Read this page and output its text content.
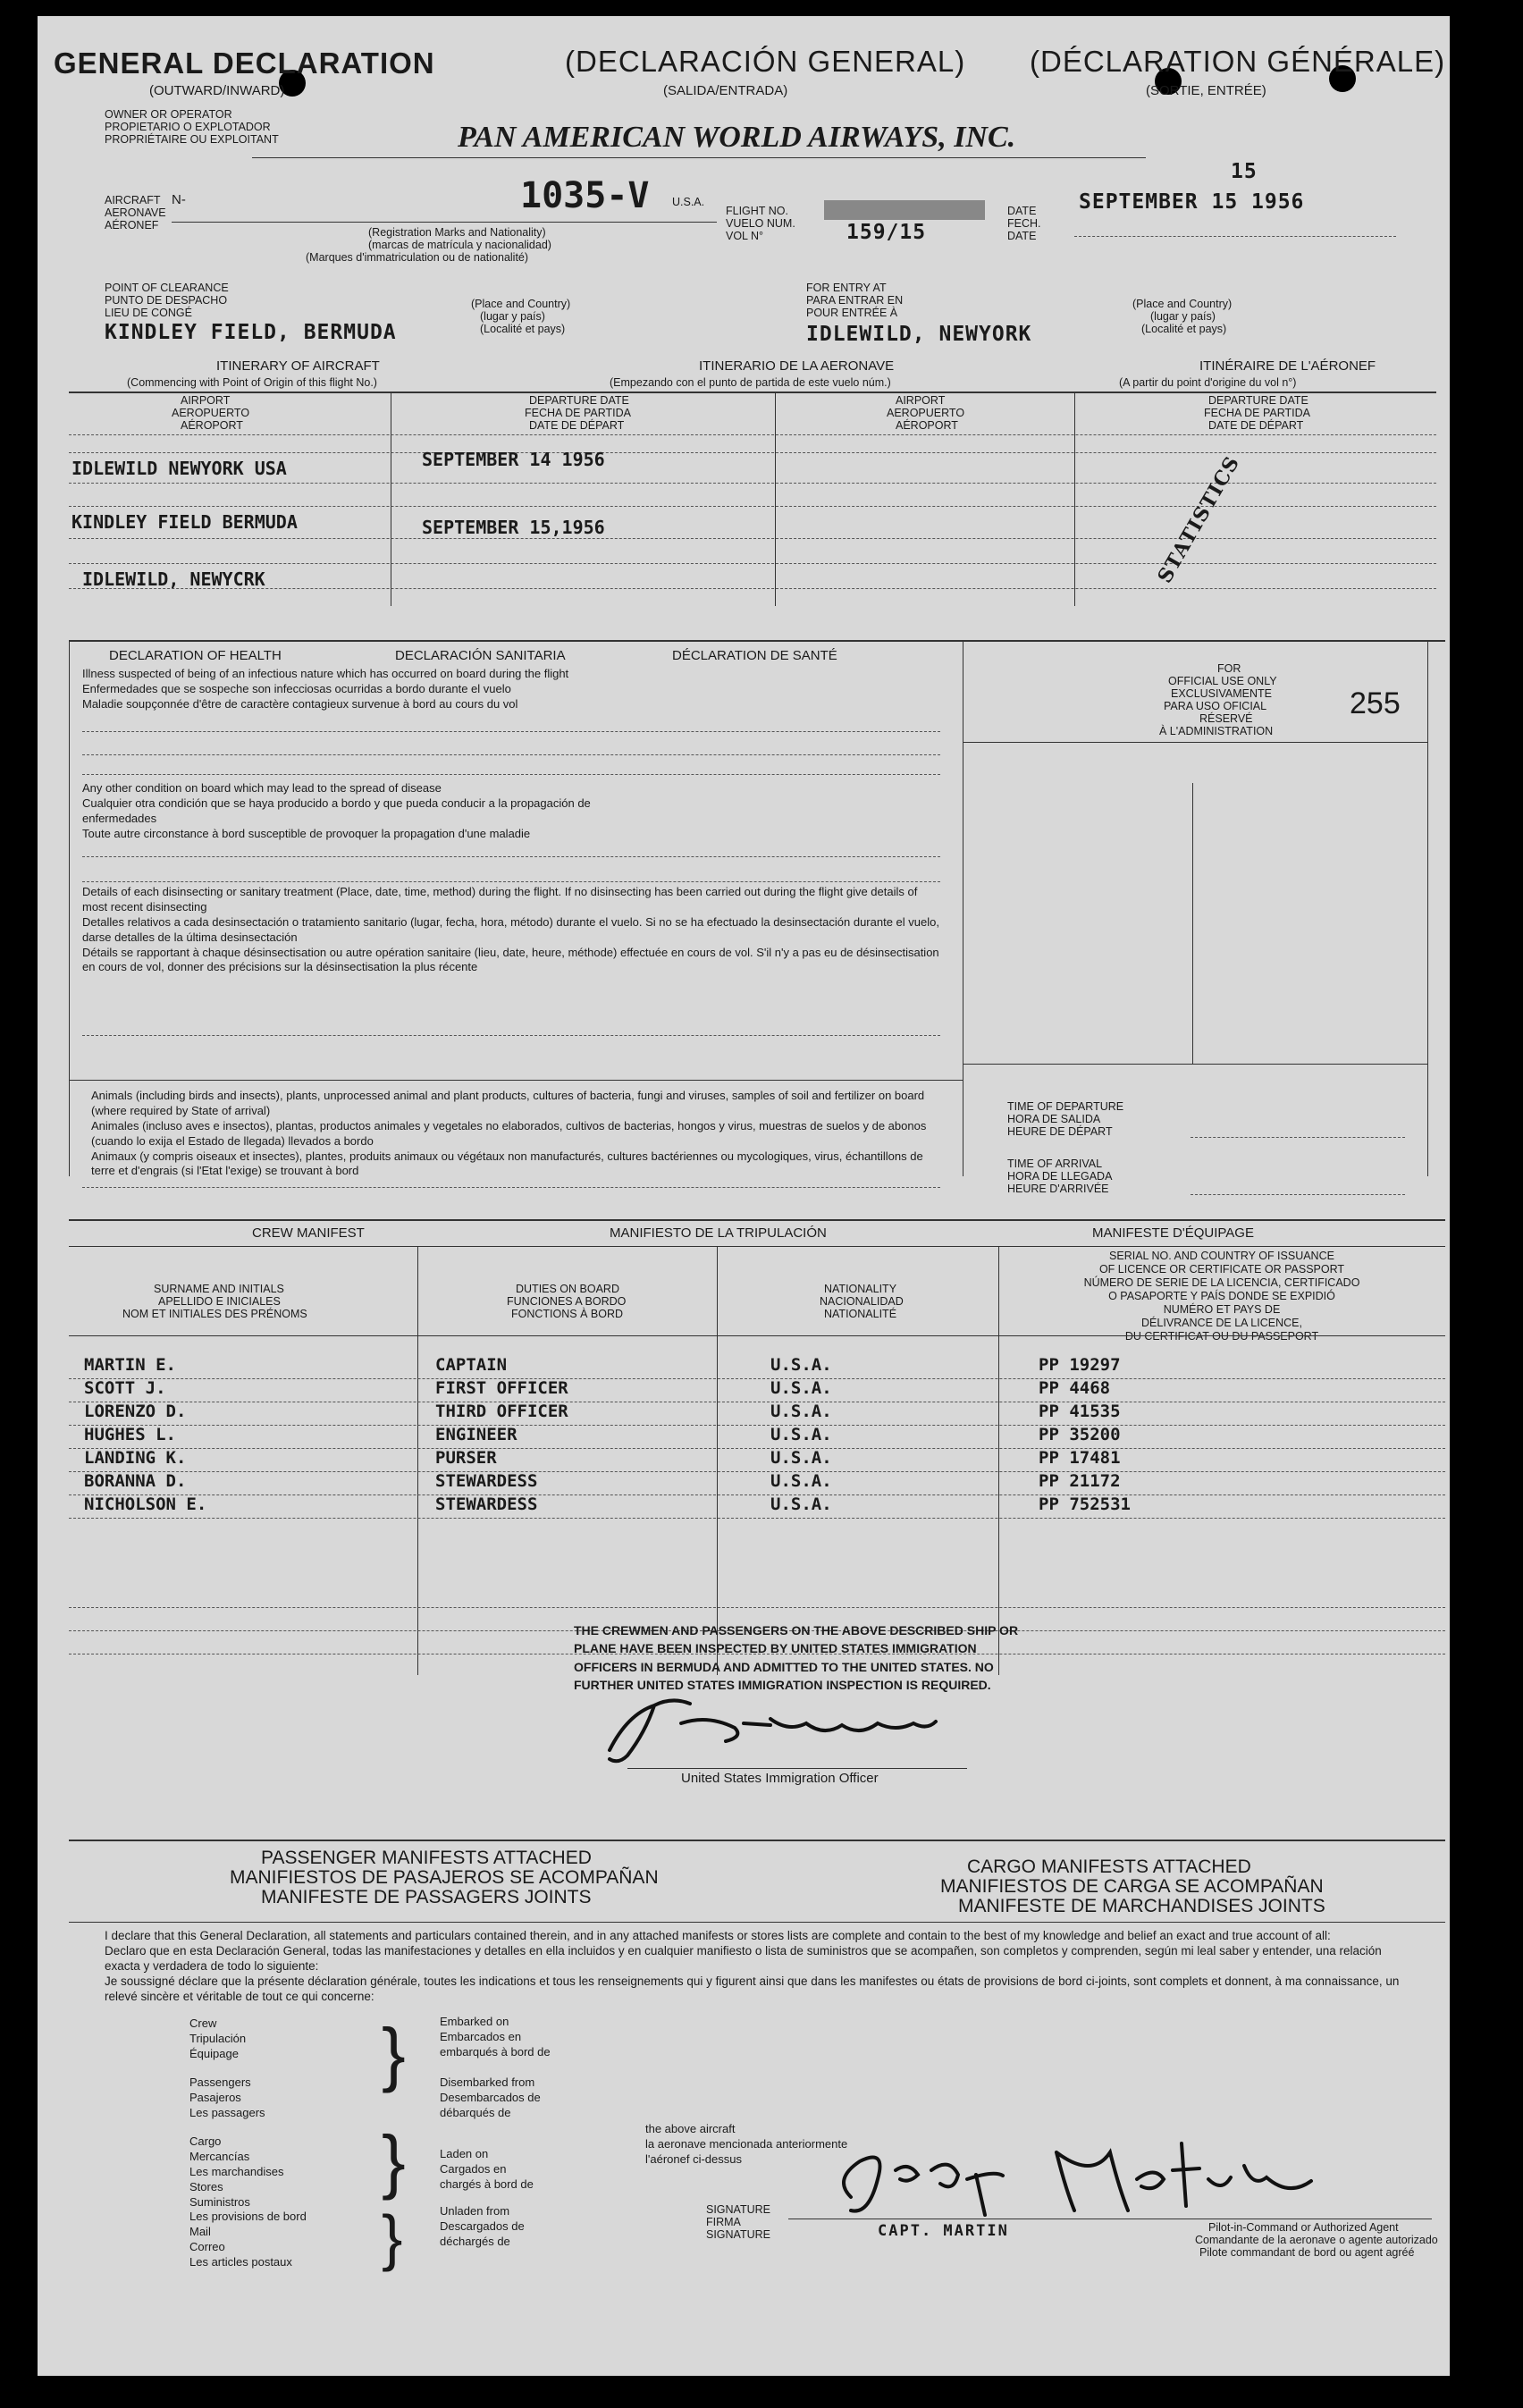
GENERAL DECLARATION	(DECLARACIÓN GENERAL) (DÉCLARATION GÉNÉRALE)
(OUTWARD/INWARD)	(SALIDA/ENTRADA)	(SORTIE, ENTRÉE)
OWNER OR OPERATOR
PROPIETARIO O EXPLOTADOR
PROPRIÉTAIRE OU EXPLOITANT	PAN AMERICAN WORLD AIRWAYS, INC.
AIRCRAFT
AERONAVE
AÉRONEF
N-	1035-V U.S.A.
(Registration Marks and Nationality)
(marcas de matrícula y nacionalidad)
(Marques d'immatriculation ou de nationalité)
FLIGHT NO.
VUELO NUM.
VOL N°	159/15
DATE
FECH.
DATE
SEPTEMBER 15 1956
15
POINT OF CLEARANCE
PUNTO DE DESPACHO
LIEU DE CONGÉ
KINDLEY FIELD, BERMUDA
(Place and Country)
(lugar y país)
(Localité et pays)
FOR ENTRY AT
PARA ENTRAR EN
POUR ENTRÉE À
IDLEWILD, NEWYORK
(Place and Country)
(lugar y país)
(Localité et pays)
ITINERARY OF AIRCRAFT	ITINERARIO DE LA AERONAVE	ITINÉRAIRE DE L'AÉRONEF
(Commencing with Point of Origin of this flight No.)	(Empezando con el punto de partida de este vuelo núm.)	(A partir du point d'origine du vol n°)
AIRPORT
AEROPUERTO
AÉROPORT
DEPARTURE DATE
FECHA DE PARTIDA
DATE DE DÉPART
AIRPORT
AEROPUERTO
AÉROPORT
DEPARTURE DATE
FECHA DE PARTIDA
DATE DE DÉPART
IDLEWILD NEWYORK USA	SEPTEMBER 14 1956
KINDLEY FIELD BERMUDA	SEPTEMBER 15,1956
IDLEWILD, NEWYCRK	STATISTICS
DECLARATION OF HEALTH	DECLARACIÓN SANITARIA	DÉCLARATION DE SANTÉ
Illness suspected of being of an infectious nature which has occurred on board during the flight
Enfermedades que se sospeche son infecciosas ocurridas a bordo durante el vuelo
Maladie soupçonnée d'être de caractère contagieux survenue à bord au cours du vol
Any other condition on board which may lead to the spread of disease
Cualquier otra condición que se haya producido a bordo y que pueda conducir a la propagación de enfermedades
Toute autre circonstance à bord susceptible de provoquer la propagation d'une maladie
Details of each disinsecting or sanitary treatment (Place, date, time, method) during the flight. If no disinsecting has been carried out during the flight give details of most recent disinsecting
Detalles relativos a cada desinsectación o tratamiento sanitario (lugar, fecha, hora, método) durante el vuelo. Si no se ha efectuado la desinsectación durante el vuelo, darse detalles de la última desinsectación
Détails se rapportant à chaque désinsectisation ou autre opération sanitaire (lieu, date, heure, méthode) effectuée en cours de vol. S'il n'y a pas eu de désinsectisation en cours de vol, donner des précisions sur la désinsectisation la plus récente
FOR
OFFICIAL USE ONLY
EXCLUSIVAMENTE
PARA USO OFICIAL
RÉSERVÉ
À L'ADMINISTRATION
255
Animals (including birds and insects), plants, unprocessed animal and plant products, cultures of bacteria, fungi and viruses, samples of soil and fertilizer on board (where required by State of arrival)
Animales (incluso aves e insectos), plantas, productos animales y vegetales no elaborados, cultivos de bacterias, hongos y virus, muestras de suelos y de abonos (cuando lo exija el Estado de llegada) llevados a bordo
Animaux (y compris oiseaux et insectes), plantes, produits animaux ou végétaux non manufacturés, cultures bactériennes ou mycologiques, virus, échantillons de terre et d'engrais (si l'Etat l'exige) se trouvant à bord
TIME OF DEPARTURE
HORA DE SALIDA
HEURE DE DÉPART
TIME OF ARRIVAL
HORA DE LLEGADA
HEURE D'ARRIVÉE
CREW MANIFEST	MANIFIESTO DE LA TRIPULACIÓN	MANIFESTE D'ÉQUIPAGE
SURNAME AND INITIALS
APELLIDO E INICIALES
NOM ET INITIALES DES PRÉNOMS
DUTIES ON BOARD
FUNCIONES A BORDO
FONCTIONS À BORD
NATIONALITY
NACIONALIDAD
NATIONALITÉ
SERIAL NO. AND COUNTRY OF ISSUANCE
OF LICENCE OR CERTIFICATE OR PASSPORT
NÚMERO DE SERIE DE LA LICENCIA, CERTIFICADO
O PASAPORTE Y PAÍS DONDE SE EXPIDIÓ
NUMÉRO ET PAYS DE
DÉLIVRANCE DE LA LICENCE,
DU CERTIFICAT OU DU PASSEPORT
MARTIN E.	CAPTAIN	U.S.A.	PP 19297
SCOTT J.	FIRST OFFICER	U.S.A.	PP 4468
LORENZO D.	THIRD OFFICER	U.S.A.	PP 41535
HUGHES L.	ENGINEER	U.S.A.	PP 35200
LANDING K.	PURSER	U.S.A.	PP 17481
BORANNA D.	STEWARDESS	U.S.A.	PP 21172
NICHOLSON E.	STEWARDESS	U.S.A.	PP 752531
THE CREWMEN AND PASSENGERS ON THE ABOVE DESCRIBED SHIP OR
PLANE HAVE BEEN INSPECTED BY UNITED STATES IMMIGRATION
OFFICERS IN BERMUDA AND ADMITTED TO THE UNITED STATES. NO
FURTHER UNITED STATES IMMIGRATION INSPECTION IS REQUIRED.
United States Immigration Officer
PASSENGER MANIFESTS ATTACHED
MANIFIESTOS DE PASAJEROS SE ACOMPAÑAN
MANIFESTE DE PASSAGERS JOINTS
CARGO MANIFESTS ATTACHED
MANIFIESTOS DE CARGA SE ACOMPAÑAN
MANIFESTE DE MARCHANDISES JOINTS
I declare that this General Declaration, all statements and particulars contained therein, and in any attached manifests or stores lists are complete and contain to the best of my knowledge and belief an exact and true account of all:
Declaro que en esta Declaración General, todas las manifestaciones y detalles en ella incluidos y en cualquier manifiesto o lista de suministros que se acompañen, son completos y comprenden, según mi leal saber y entender, una relación exacta y verdadera de todo lo siguiente:
Je soussigné déclare que la présente déclaration générale, toutes les indications et tous les renseignements qui y figurent ainsi que dans les manifestes ou états de provisions de bord ci-joints, sont complets et donnent, à ma connaissance, un relevé sincère et véritable de tout ce qui concerne:
Crew
Tripulación
Équipage
Passengers
Pasajeros
Les passagers
Cargo
Mercancías
Les marchandises
Stores
Suministros
Les provisions de bord
Mail
Correo
Les articles postaux
}
}
}
Embarked on
Embarcados en
embarqués à bord de
Disembarked from
Desembarcados de
débarqués de
Laden on
Cargados en
chargés à bord de
Unladen from
Descargados de
déchargés de
the above aircraft
la aeronave mencionada anteriormente
l'aéronef ci-dessus
SIGNATURE
FIRMA
SIGNATURE	CAPT. MARTIN	Pilot-in-Command or Authorized Agent
Comandante de la aeronave o agente autorizado
Pilote commandant de bord ou agent agréé
